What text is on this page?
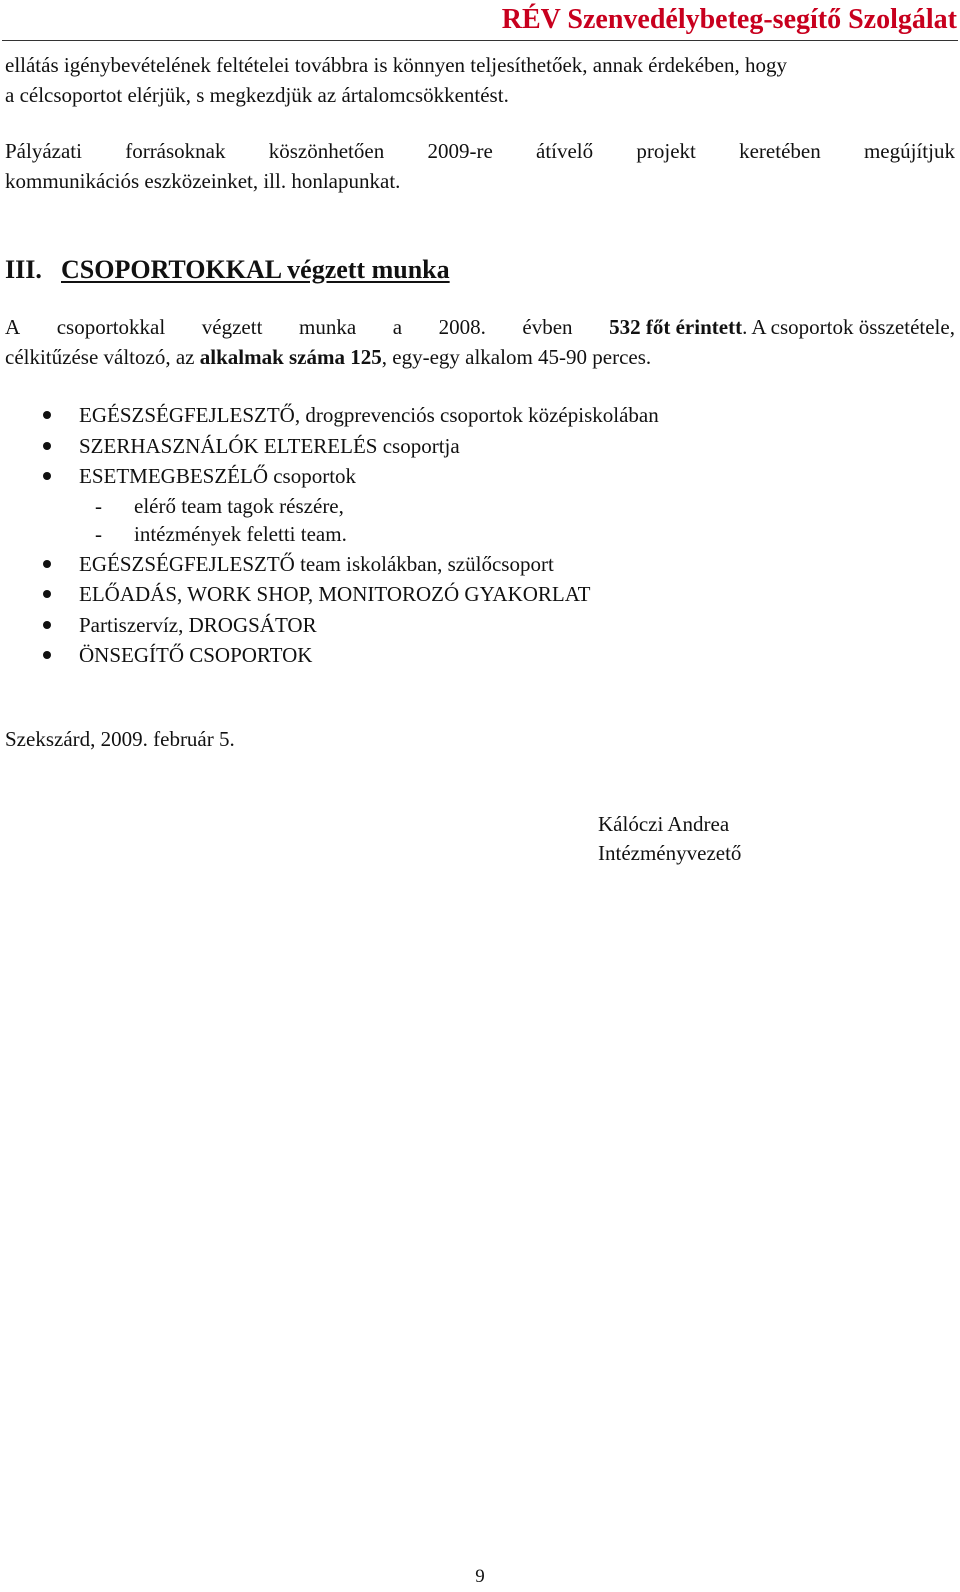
RÉV Szenvedélybeteg-segítő Szolgálat
ellátás igénybevételének feltételei továbbra is könnyen teljesíthetőek, annak érdekében, hogy
a célcsoportot elérjük, s megkezdjük az ártalomcsökkentést.
Pályázati forrásoknak köszönhetően 2009-re átívelő projekt keretében megújítjuk
kommunikációs eszközeinket, ill. honlapunkat.
III. CSOPORTOKKAL végzett munka
A csoportokkal végzett munka a 2008. évben 532 főt érintett. A csoportok összetétele,
célkitűzése változó, az alkalmak száma 125, egy-egy alkalom 45-90 perces.
EGÉSZSÉGFEJLESZTŐ, drogprevenciós csoportok középiskolában
SZERHASZNÁLÓK ELTERELÉS csoportja
ESETMEGBESZÉLŐ csoportok
- elérő team tagok részére,
- intézmények feletti team.
EGÉSZSÉGFEJLESZTŐ team iskolákban, szülőcsoport
ELŐADÁS, WORK SHOP, MONITOROZÓ GYAKORLAT
Partiszervíz, DROGSÁTOR
ÖNSEGÍTŐ CSOPORTOK
Szekszárd, 2009. február 5.
Kálóczi Andrea
Intézményvezető
9
